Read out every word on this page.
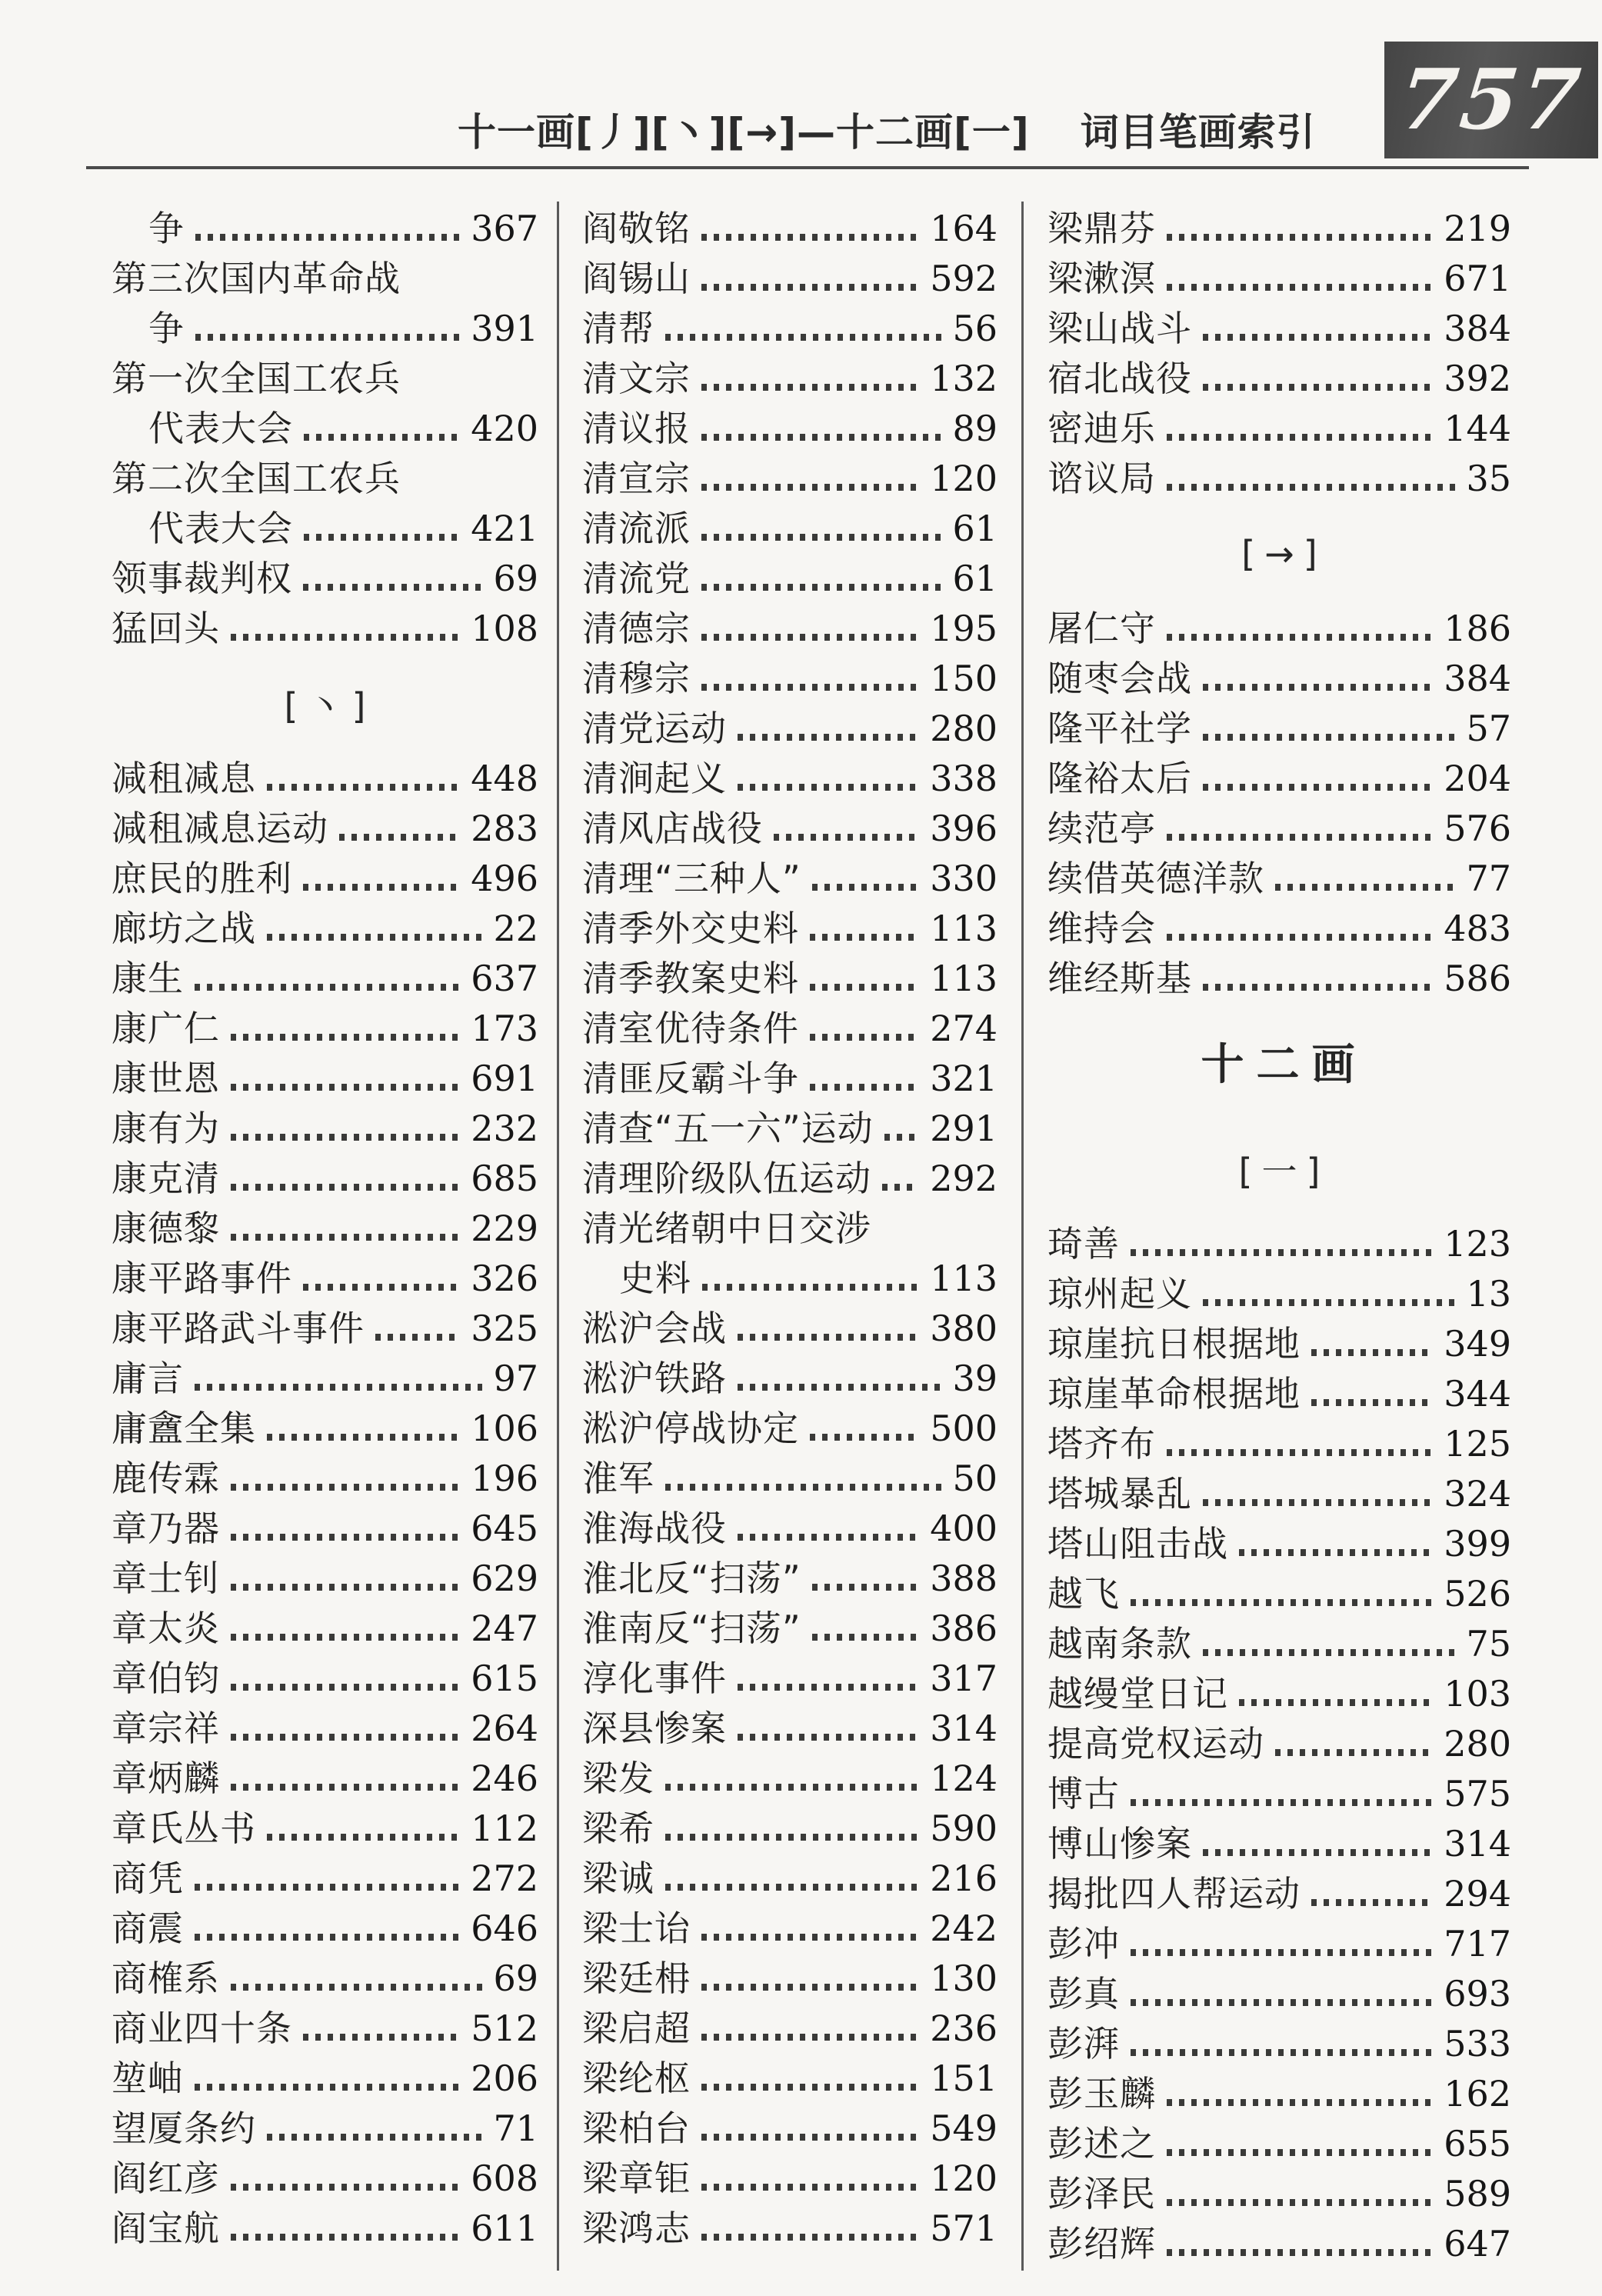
十一画[丿][丶][→]—十二画[一] 词目笔画索引 757
争	367
第三次国内革命战
争	391
第一次全国工农兵
代表大会	420
第二次全国工农兵
代表大会	421
领事裁判权	69
猛回头	108
[丶]
减租减息	448
减租减息运动	283
庶民的胜利	496
廊坊之战	22
康生	637
康广仁	173
康世恩	691
康有为	232
康克清	685
康德黎	229
康平路事件	326
康平路武斗事件	325
庸言	97
庸盦全集	106
鹿传霖	196
章乃器	645
章士钊	629
章太炎	247
章伯钧	615
章宗祥	264
章炳麟	246
章氏丛书	112
商凭	272
商震	646
商榷系	69
商业四十条	512
堃岫	206
望厦条约	71
阎红彦	608
阎宝航	611
阎敬铭	164
阎锡山	592
清帮	56
清文宗	132
清议报	89
清宣宗	120
清流派	61
清流党	61
清德宗	195
清穆宗	150
清党运动	280
清涧起义	338
清风店战役	396
清理“三种人”	330
清季外交史料	113
清季教案史料	113
清室优待条件	274
清匪反霸斗争	321
清查“五一六”运动 291
清理阶级队伍运动 292
清光绪朝中日交涉
史料	113
淞沪会战	380
淞沪铁路	39
淞沪停战协定	500
淮军	50
淮海战役	400
淮北反“扫荡”	388
淮南反“扫荡”	386
淳化事件	317
深县惨案	314
梁发	124
梁希	590
梁诚	216
梁士诒	242
梁廷枏	130
梁启超	236
梁纶枢	151
梁柏台	549
梁章钜	120
梁鸿志	571
梁鼎芬	219
梁漱溟	671
梁山战斗	384
宿北战役	392
密迪乐	144
谘议局	35
[→]
屠仁守	186
随枣会战	384
隆平社学	57
隆裕太后	204
续范亭	576
续借英德洋款	77
维持会	483
维经斯基	586
十二画
[一]
琦善	123
琼州起义	13
琼崖抗日根据地	349
琼崖革命根据地	344
塔齐布	125
塔城暴乱	324
塔山阻击战	399
越飞	526
越南条款	75
越缦堂日记	103
提高党权运动	280
博古	575
博山惨案	314
揭批四人帮运动	294
彭冲	717
彭真	693
彭湃	533
彭玉麟	162
彭述之	655
彭泽民	589
彭绍辉	647
